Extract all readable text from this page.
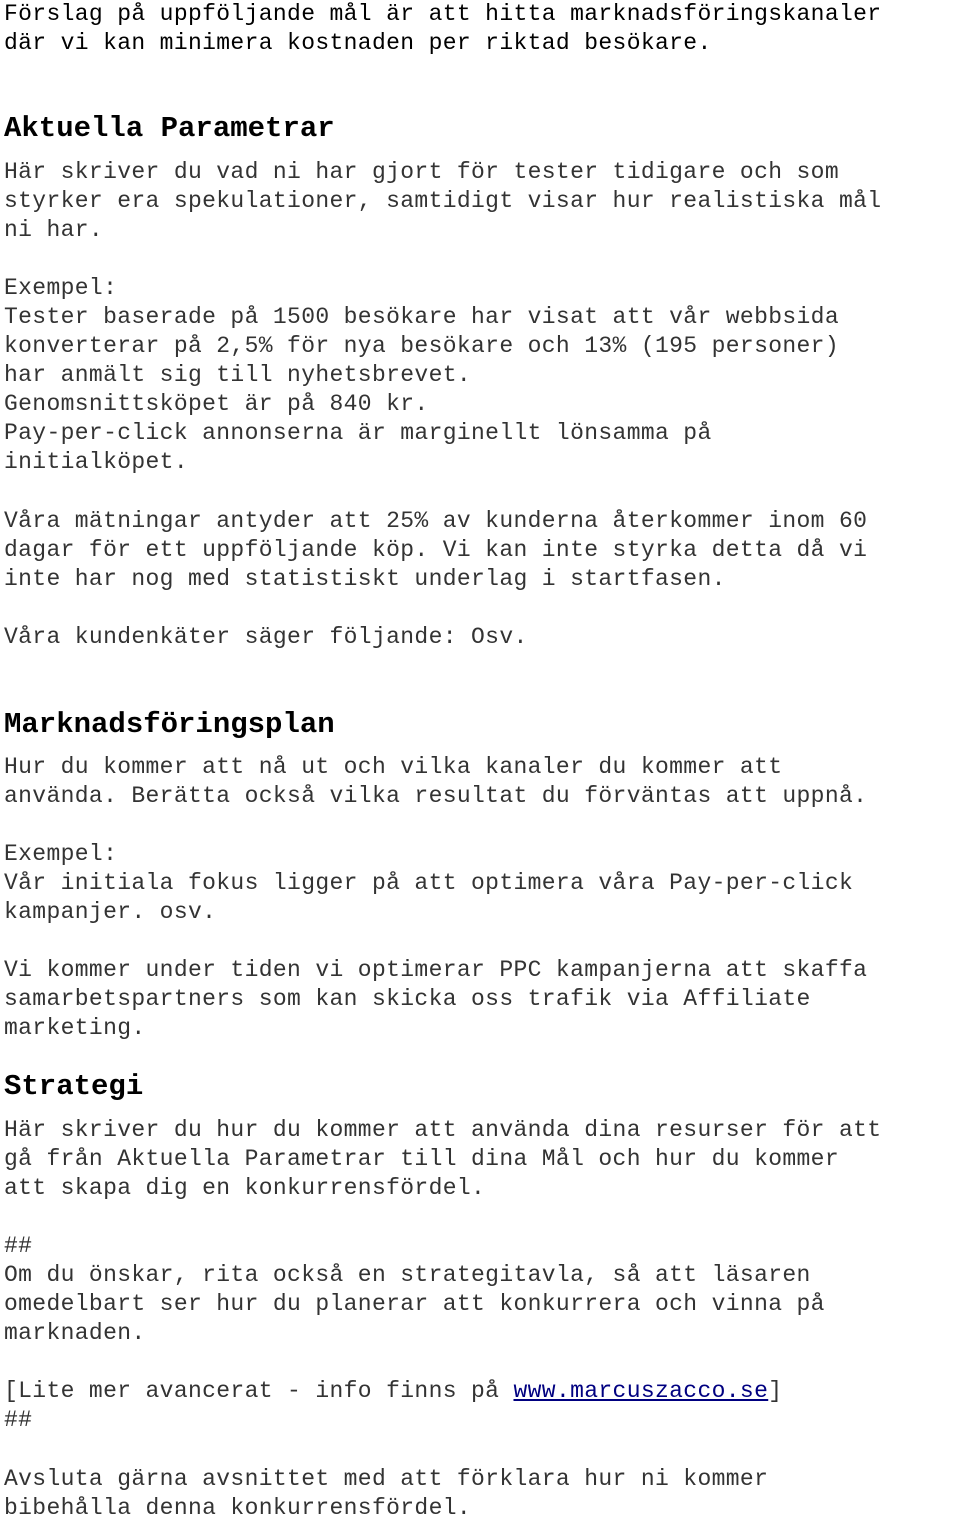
Förslag på uppföljande mål är att hitta marknadsföringskanaler
där vi kan minimera kostnaden per riktad besökare.
Aktuella Parametrar
Här skriver du vad ni har gjort för tester tidigare och som
styrker era spekulationer, samtidigt visar hur realistiska mål
ni har.
Exempel:
Tester baserade på 1500 besökare har visat att vår webbsida
konverterar på 2,5% för nya besökare och 13% (195 personer)
har anmält sig till nyhetsbrevet.
Genomsnittsköpet är på 840 kr.
Pay-per-click annonserna är marginellt lönsamma på
initialköpet.
Våra mätningar antyder att 25% av kunderna återkommer inom 60
dagar för ett uppföljande köp. Vi kan inte styrka detta då vi
inte har nog med statistiskt underlag i startfasen.
Våra kundenkäter säger följande: Osv.
Marknadsföringsplan
Hur du kommer att nå ut och vilka kanaler du kommer att
använda. Berätta också vilka resultat du förväntas att uppnå.
Exempel:
Vår initiala fokus ligger på att optimera våra Pay-per-click
kampanjer. osv.
Vi kommer under tiden vi optimerar PPC kampanjerna att skaffa
samarbetspartners som kan skicka oss trafik via Affiliate
marketing.
Strategi
Här skriver du hur du kommer att använda dina resurser för att
gå från Aktuella Parametrar till dina Mål och hur du kommer
att skapa dig en konkurrensfördel.
##
Om du önskar, rita också en strategitavla, så att läsaren
omedelbart ser hur du planerar att konkurrera och vinna på
marknaden.
[Lite mer avancerat - info finns på www.marcuszacco.se]
##
Avsluta gärna avsnittet med att förklara hur ni kommer
bibehålla denna konkurrensfördel.
